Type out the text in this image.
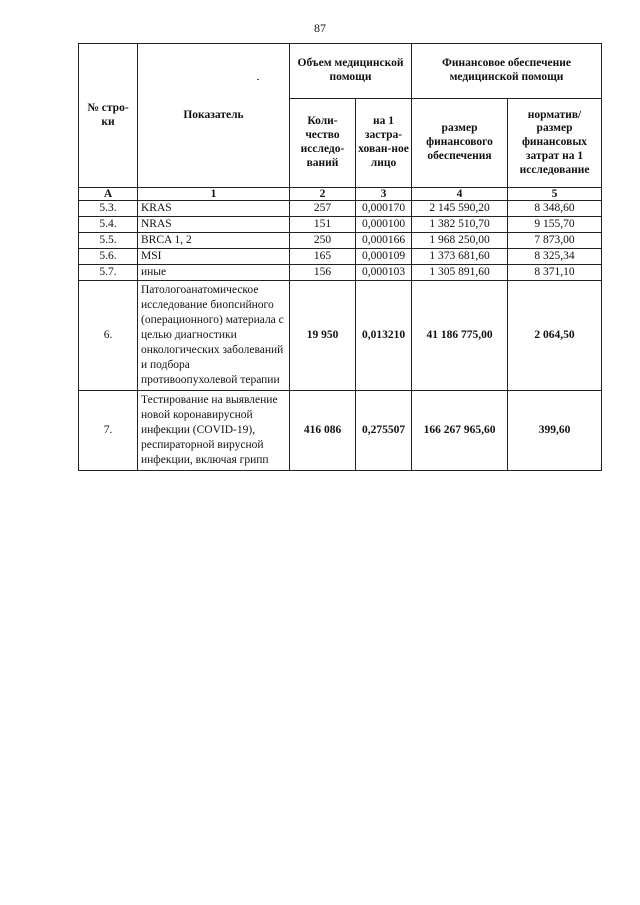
87
№ стро-ки	Показатель	Объем медицинской помощи		Финансовое обеспечение медицинской помощи	
		Коли-чество исследо-ваний	на 1 застра-хован-ное лицо	размер финансового обеспечения	норматив/ размер финансовых затрат на 1 исследование
А	1	2	3	4	5
5.3.	KRAS	257	0,000170	2 145 590,20	8 348,60
5.4.	NRAS	151	0,000100	1 382 510,70	9 155,70
5.5.	BRCA 1, 2	250	0,000166	1 968 250,00	7 873,00
5.6.	MSI	165	0,000109	1 373 681,60	8 325,34
5.7.	иные	156	0,000103	1 305 891,60	8 371,10
6.	Патологоанатомическое исследование биопсийного (операционного) материала с целью диагностики онкологических заболеваний и подбора противоопухолевой терапии	19 950	0,013210	41 186 775,00	2 064,50
7.	Тестирование на выявление новой коронавирусной инфекции (COVID-19), респираторной вирусной инфекции, включая грипп	416 086	0,275507	166 267 965,60	399,60
